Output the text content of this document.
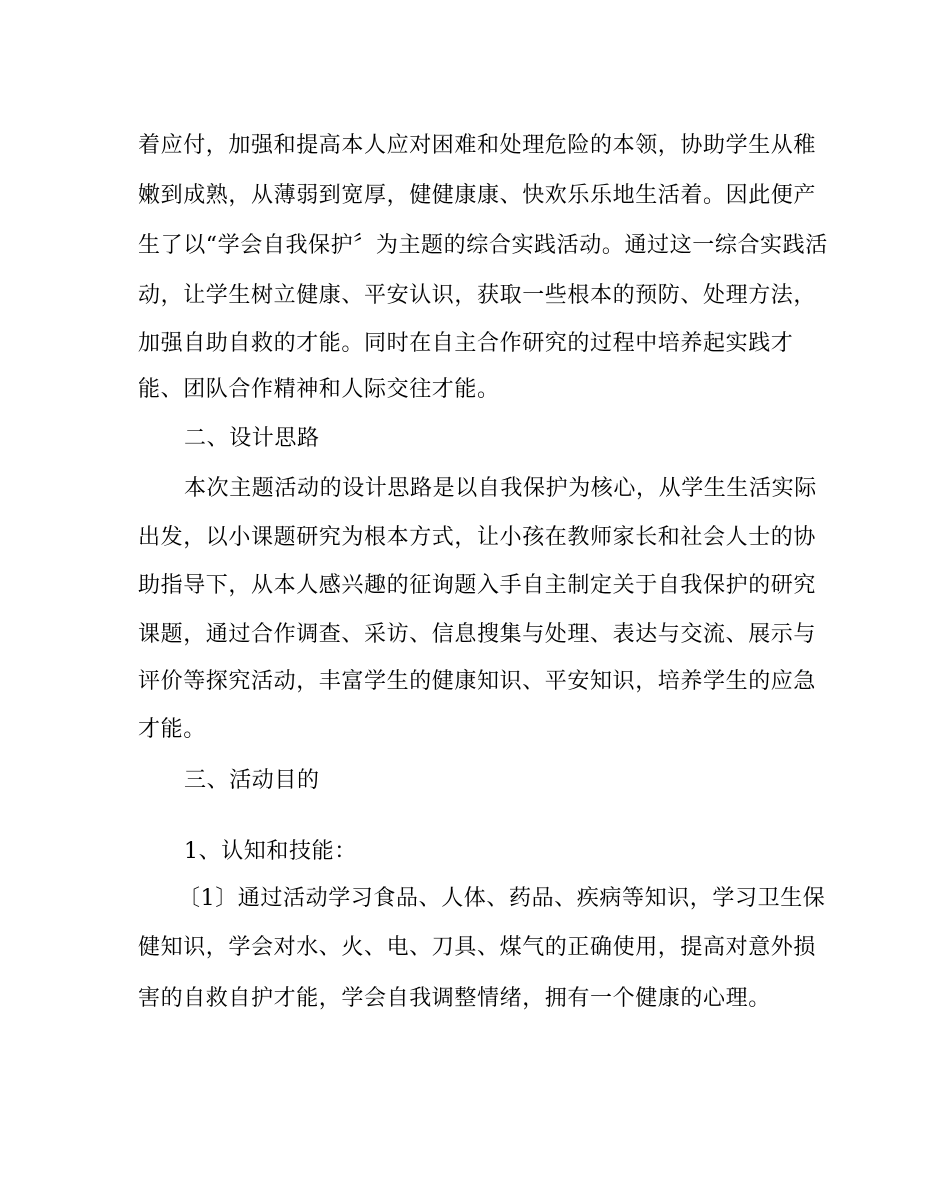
着应付，加强和提高本人应对困难和处理危险的本领，协助学生从稚
嫩到成熟，从薄弱到宽厚，健健康康、快欢乐乐地生活着。因此便产
生了以“学会自我保护〞为主题的综合实践活动。通过这一综合实践活
动，让学生树立健康、平安认识，获取一些根本的预防、处理方法，
加强自助自救的才能。同时在自主合作研究的过程中培养起实践才
能、团队合作精神和人际交往才能。
二、设计思路
本次主题活动的设计思路是以自我保护为核心，从学生生活实际
出发，以小课题研究为根本方式，让小孩在教师家长和社会人士的协
助指导下，从本人感兴趣的征询题入手自主制定关于自我保护的研究
课题，通过合作调查、采访、信息搜集与处理、表达与交流、展示与
评价等探究活动，丰富学生的健康知识、平安知识，培养学生的应急
才能。
三、活动目的
1、认知和技能：
〔1〕通过活动学习食品、人体、药品、疾病等知识，学习卫生保
健知识，学会对水、火、电、刀具、煤气的正确使用，提高对意外损
害的自救自护才能，学会自我调整情绪，拥有一个健康的心理。
